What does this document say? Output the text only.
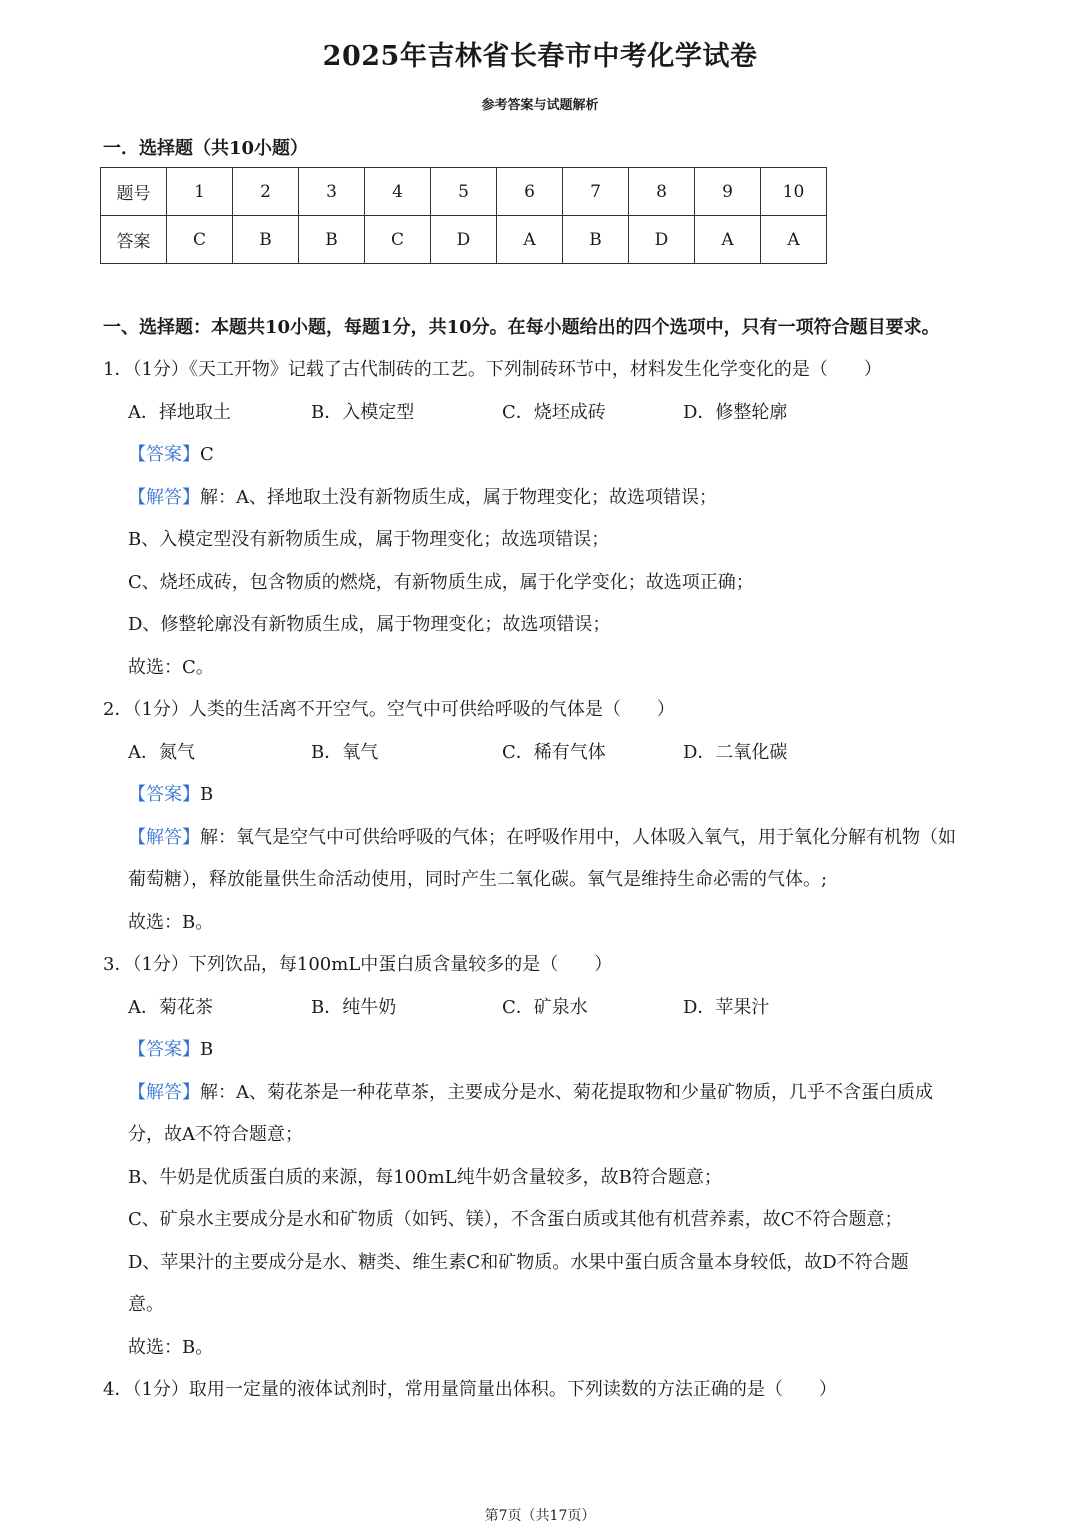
2025年吉林省长春市中考化学试卷
参考答案与试题解析
一．选择题（共10小题）
题号	1	2	3	4	5	6	7	8	9	10
答案	C	B	B	C	D	A	B	D	A	A
一、选择题：本题共10小题，每题1分，共10分。在每小题给出的四个选项中，只有一项符合题目要求。
1．（1分）《天工开物》记载了古代制砖的工艺。下列制砖环节中，材料发生化学变化的是（　　）
A．择地取土	B．入模定型	C．烧坯成砖	D．修整轮廓
【答案】C
【解答】解：A、择地取土没有新物质生成，属于物理变化；故选项错误；
B、入模定型没有新物质生成，属于物理变化；故选项错误；
C、烧坯成砖，包含物质的燃烧，有新物质生成，属于化学变化；故选项正确；
D、修整轮廓没有新物质生成，属于物理变化；故选项错误；
故选：C。
2．（1分）人类的生活离不开空气。空气中可供给呼吸的气体是（　　）
A．氮气	B．氧气	C．稀有气体	D．二氧化碳
【答案】B
【解答】解：氧气是空气中可供给呼吸的气体；在呼吸作用中，人体吸入氧气，用于氧化分解有机物（如
葡萄糖），释放能量供生命活动使用，同时产生二氧化碳。氧气是维持生命必需的气体。;
故选：B。
3．（1分）下列饮品，每100mL中蛋白质含量较多的是（　　）
A．菊花茶	B．纯牛奶	C．矿泉水	D．苹果汁
【答案】B
【解答】解：A、菊花茶是一种花草茶，主要成分是水、菊花提取物和少量矿物质，几乎不含蛋白质成
分，故A不符合题意；
B、牛奶是优质蛋白质的来源，每100mL纯牛奶含量较多，故B符合题意；
C、矿泉水主要成分是水和矿物质（如钙、镁），不含蛋白质或其他有机营养素，故C不符合题意；
D、苹果汁的主要成分是水、糖类、维生素C和矿物质。水果中蛋白质含量本身较低，故D不符合题
意。
故选：B。
4．（1分）取用一定量的液体试剂时，常用量筒量出体积。下列读数的方法正确的是（　　）
第7页（共17页）
